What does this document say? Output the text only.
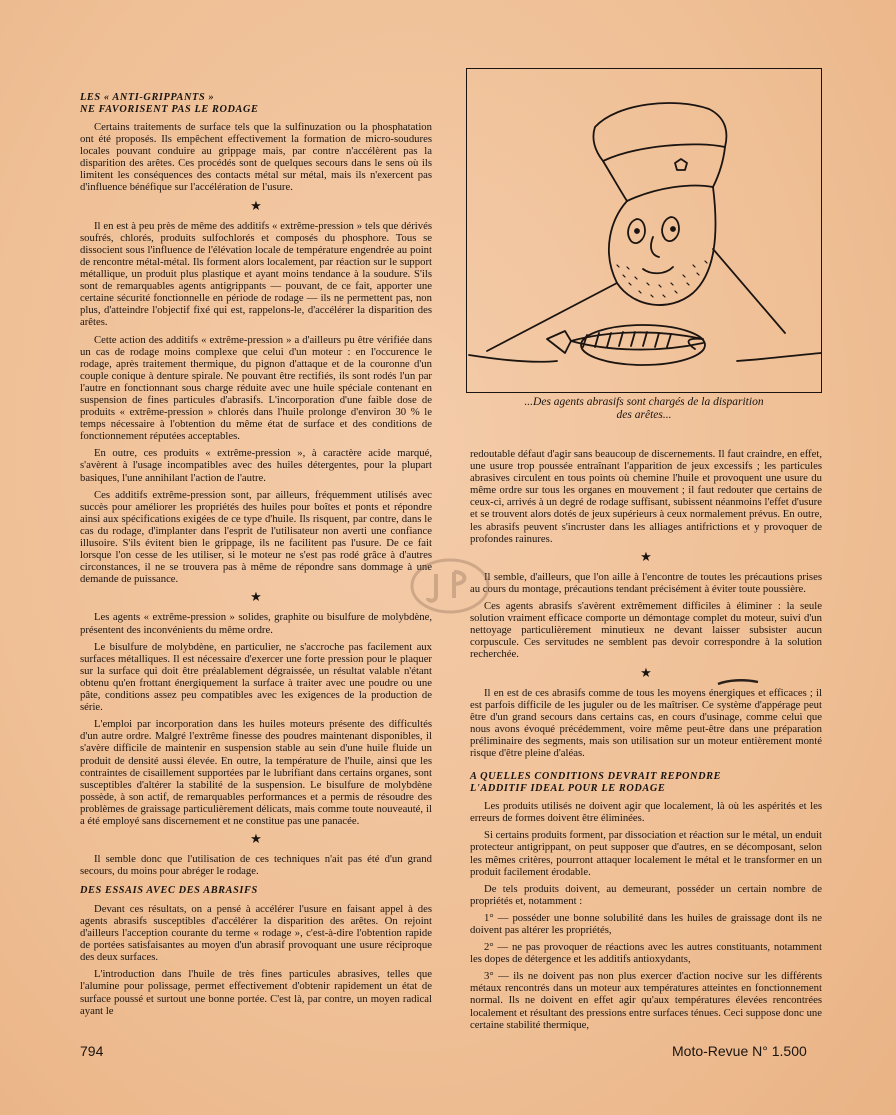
LES « ANTI-GRIPPANTS »
NE FAVORISENT PAS LE RODAGE

Certains traitements de surface tels que la sulfinuzation ou la phosphatation ont été proposés. Ils empêchent effectivement la formation de micro-soudures locales pouvant conduire au grippage mais, par contre n'accélèrent pas la disparition des arêtes. Ces procédés sont de quelques secours dans le sens où ils limitent les conséquences des contacts métal sur métal, mais ils n'exercent pas d'influence bénéfique sur l'accélération de l'usure.

★

Il en est à peu près de même des additifs « extrême-pression » tels que dérivés soufrés, chlorés, produits sulfochlorés et composés du phosphore. Tous se dissocient sous l'influence de l'élévation locale de température engendrée au point de rencontre métal-métal. Ils forment alors localement, par réaction sur le support métallique, un produit plus plastique et ayant moins tendance à la soudure. S'ils sont de remarquables agents antigrippants — pouvant, de ce fait, apporter une certaine sécurité fonctionnelle en période de rodage — ils ne permettent pas, non plus, d'atteindre l'objectif fixé qui est, rappelons-le, d'accélérer la disparition des arêtes.

Cette action des additifs « extrême-pression » a d'ailleurs pu être vérifiée dans un cas de rodage moins complexe que celui d'un moteur : en l'occurence le rodage, après traitement thermique, du pignon d'attaque et de la couronne d'un couple conique à denture spirale. Ne pouvant être rectifiés, ils sont rodés l'un par l'autre en fonctionnant sous charge réduite avec une huile spéciale contenant en suspension de fines particules d'abrasifs. L'incorporation d'une faible dose de produits « extrême-pression » chlorés dans l'huile prolonge d'environ 30 % le temps nécessaire à l'obtention du même état de surface et des conditions de fonctionnement réputées acceptables.

En outre, ces produits « extrême-pression », à caractère acide marqué, s'avèrent à l'usage incompatibles avec des huiles détergentes, pour la plupart basiques, l'une annihilant l'action de l'autre.

Ces additifs extrême-pression sont, par ailleurs, fréquemment utilisés avec succès pour améliorer les propriétés des huiles pour boîtes et ponts et répondre ainsi aux spécifications exigées de ce type d'huile. Ils risquent, par contre, dans le cas du rodage, d'implanter dans l'esprit de l'utilisateur non averti une confiance illusoire. S'ils évitent bien le grippage, ils ne facilitent pas l'usure. De ce fait lorsque l'on cesse de les utiliser, si le moteur ne s'est pas rodé grâce à d'autres circonstances, il ne se trouvera pas à même de répondre sans dommage à une demande de puissance.

★

Les agents « extrême-pression » solides, graphite ou bisulfure de molybdène, présentent des inconvénients du même ordre.

Le bisulfure de molybdène, en particulier, ne s'accroche pas facilement aux surfaces métalliques. Il est nécessaire d'exercer une forte pression pour le plaquer sur la surface qui doit être préalablement dégraissée, un résultat valable n'étant obtenu qu'en frottant énergiquement la surface à traiter avec une poudre ou une pâte, conditions assez peu compatibles avec les exigences de la production de série.

L'emploi par incorporation dans les huiles moteurs présente des difficultés d'un autre ordre. Malgré l'extrême finesse des poudres maintenant disponibles, il s'avère difficile de maintenir en suspension stable au sein d'une huile fluide un produit de densité aussi élevée. En outre, la température de l'huile, ainsi que les contraintes de cisaillement supportées par le lubrifiant dans certains organes, sont susceptibles d'altérer la stabilité de la suspension. Le bisulfure de molybdène possède, à son actif, de remarquables performances et a permis de résoudre des problèmes de graissage particulièrement délicats, mais comme toute nouveauté, il a été employé sans discernement et ne constitue pas une panacée.

★

Il semble donc que l'utilisation de ces techniques n'ait pas été d'un grand secours, du moins pour abréger le rodage.

DES ESSAIS AVEC DES ABRASIFS

Devant ces résultats, on a pensé à accélérer l'usure en faisant appel à des agents abrasifs susceptibles d'accélérer la disparition des arêtes. On rejoint d'ailleurs l'acception courante du terme « rodage », c'est-à-dire l'obtention rapide de portées satisfaisantes au moyen d'un abrasif provoquant une usure réciproque des deux surfaces.

L'introduction dans l'huile de très fines particules abrasives, telles que l'alumine pour polissage, permet effectivement d'obtenir rapidement un état de surface poussé et surtout une bonne portée. C'est là, par contre, un moyen radical ayant le

...Des agents abrasifs sont chargés de la disparition
des arêtes...

redoutable défaut d'agir sans beaucoup de discernements. Il faut craindre, en effet, une usure trop poussée entraînant l'apparition de jeux excessifs ; les particules abrasives circulent en tous points où chemine l'huile et provoquent une usure du même ordre sur tous les organes en mouvement ; il faut redouter que certains de ceux-ci, arrivés à un degré de rodage suffisant, subissent néanmoins l'effet d'usure et se trouvent alors dotés de jeux supérieurs à ceux normalement prévus. En outre, les abrasifs peuvent s'incruster dans les alliages antifrictions et y provoquer de profondes rainures.

★

Il semble, d'ailleurs, que l'on aille à l'encontre de toutes les précautions prises au cours du montage, précautions tendant précisément à éviter toute poussière.

Ces agents abrasifs s'avèrent extrêmement difficiles à éliminer : la seule solution vraiment efficace comporte un démontage complet du moteur, suivi d'un nettoyage particulièrement minutieux ne devant laisser subsister aucun corpuscule. Ces servitudes ne semblent pas devoir correspondre à la solution recherchée.

★

Il en est de ces abrasifs comme de tous les moyens énergiques et efficaces ; il est parfois difficile de les juguler ou de les maîtriser. Ce système d'appérage peut être d'un grand secours dans certains cas, en cours d'usinage, comme celui que nous avons évoqué précédemment, voire même peut-être dans une préparation préliminaire des segments, mais son utilisation sur un moteur entièrement monté risque d'être pleine d'aléas.

A QUELLES CONDITIONS DEVRAIT REPONDRE
L'ADDITIF IDEAL POUR LE RODAGE

Les produits utilisés ne doivent agir que localement, là où les aspérités et les erreurs de formes doivent être éliminées.

Si certains produits forment, par dissociation et réaction sur le métal, un enduit protecteur antigrippant, on peut supposer que d'autres, en se décomposant, selon les mêmes critères, pourront attaquer localement le métal et le transformer en un produit facilement érodable.

De tels produits doivent, au demeurant, posséder un certain nombre de propriétés et, notamment :

1° — posséder une bonne solubilité dans les huiles de graissage dont ils ne doivent pas altérer les propriétés,

2° — ne pas provoquer de réactions avec les autres constituants, notamment les dopes de détergence et les additifs antioxydants,

3° — ils ne doivent pas non plus exercer d'action nocive sur les différents métaux rencontrés dans un moteur aux températures atteintes en fonctionnement normal. Ils ne doivent en effet agir qu'aux températures élevées rencontrées localement et résultant des pressions entre surfaces ténues. Ceci suppose donc une certaine stabilité thermique,

794	Moto-Revue N° 1.500
